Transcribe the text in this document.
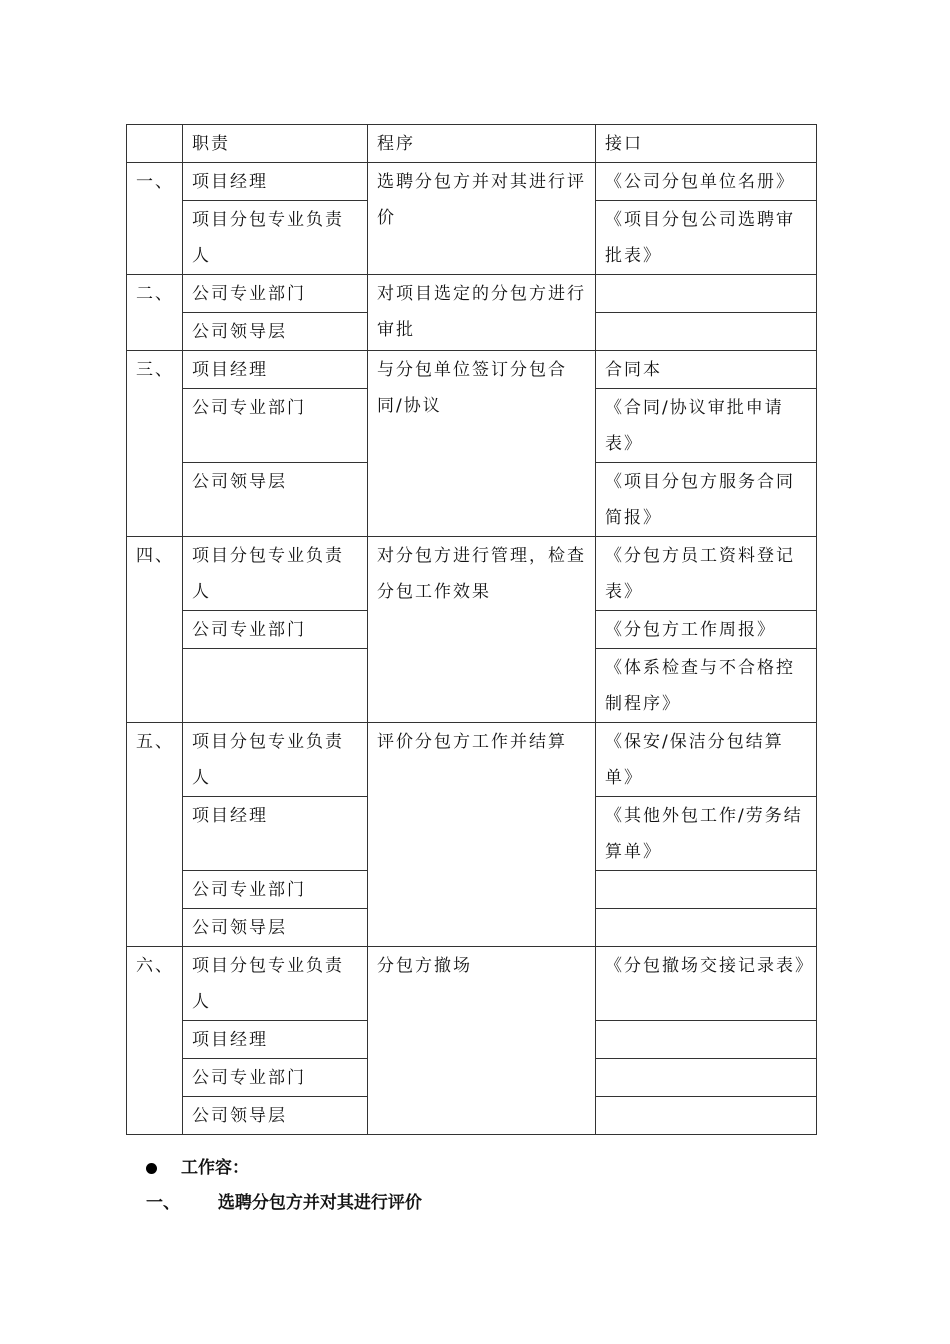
	职责	程序	接口
一、	项目经理	选聘分包方并对其进行评价	《公司分包单位名册》
	项目分包专业负责人		《项目分包公司选聘审批表》
二、	公司专业部门	对项目选定的分包方进行审批	
	公司领导层		
三、	项目经理	与分包单位签订分包合同/协议	合同本
	公司专业部门		《合同/协议审批申请表》
	公司领导层		《项目分包方服务合同简报》
四、	项目分包专业负责人	对分包方进行管理，检查分包工作效果	《分包方员工资料登记表》
	公司专业部门		《分包方工作周报》
			《体系检查与不合格控制程序》
五、	项目分包专业负责人	评价分包方工作并结算	《保安/保洁分包结算单》
	项目经理		《其他外包工作/劳务结算单》
	公司专业部门		
	公司领导层		
六、	项目分包专业负责人	分包方撤场	《分包撤场交接记录表》
	项目经理		
	公司专业部门		
	公司领导层		
工作容：
一、 选聘分包方并对其进行评价
